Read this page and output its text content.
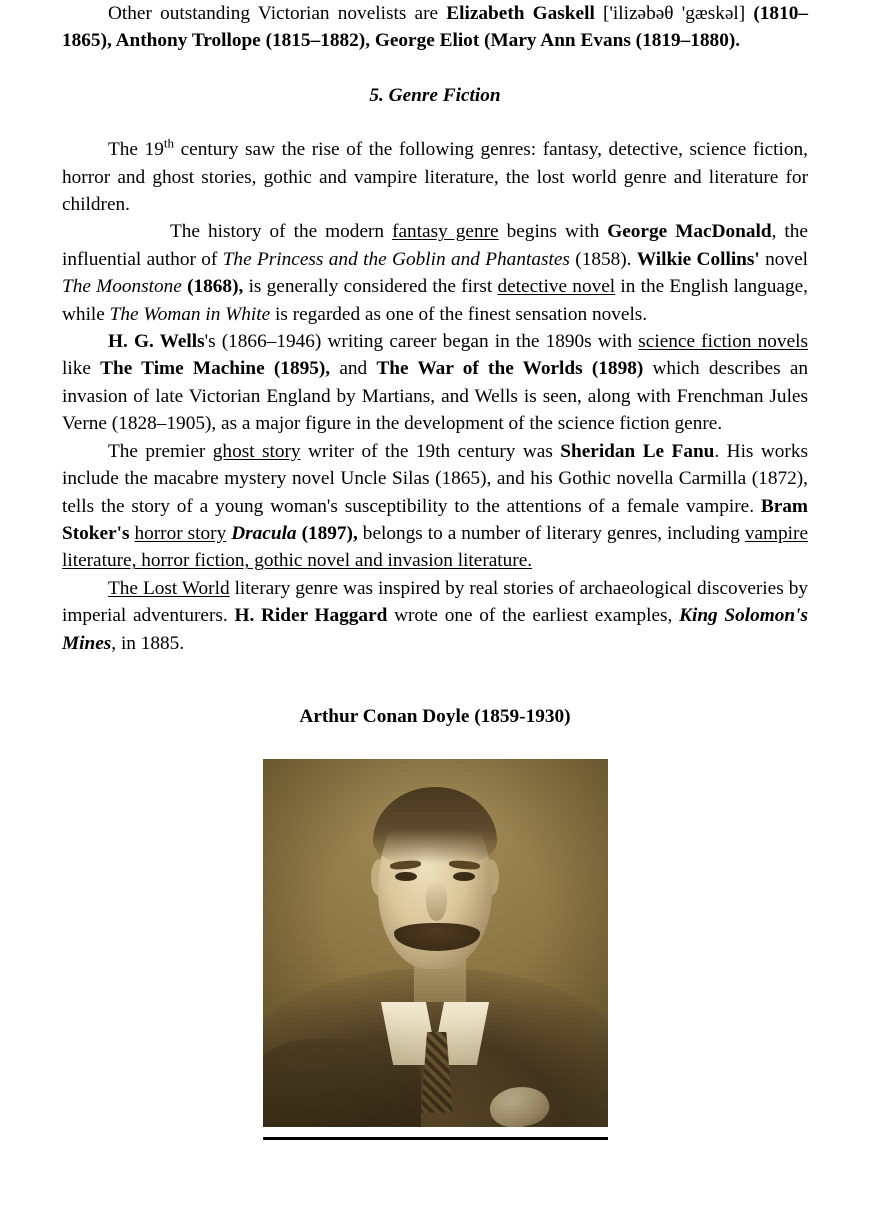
Other outstanding Victorian novelists are Elizabeth Gaskell ['ilizəbəθ 'gæskəl] (1810–1865), Anthony Trollope (1815–1882), George Eliot (Mary Ann Evans (1819–1880).

5. Genre Fiction

The 19th century saw the rise of the following genres: fantasy, detective, science fiction, horror and ghost stories, gothic and vampire literature, the lost world genre and literature for children.

The history of the modern fantasy genre begins with George MacDonald, the influential author of The Princess and the Goblin and Phantastes (1858). Wilkie Collins' novel The Moonstone (1868), is generally considered the first detective novel in the English language, while The Woman in White is regarded as one of the finest sensation novels.

H. G. Wells's (1866–1946) writing career began in the 1890s with science fiction novels like The Time Machine (1895), and The War of the Worlds (1898) which describes an invasion of late Victorian England by Martians, and Wells is seen, along with Frenchman Jules Verne (1828–1905), as a major figure in the development of the science fiction genre.

The premier ghost story writer of the 19th century was Sheridan Le Fanu. His works include the macabre mystery novel Uncle Silas (1865), and his Gothic novella Carmilla (1872), tells the story of a young woman's susceptibility to the attentions of a female vampire. Bram Stoker's horror story Dracula (1897), belongs to a number of literary genres, including vampire literature, horror fiction, gothic novel and invasion literature.

The Lost World literary genre was inspired by real stories of archaeological discoveries by imperial adventurers. H. Rider Haggard wrote one of the earliest examples, King Solomon's Mines, in 1885.

Arthur Conan Doyle (1859-1930)
